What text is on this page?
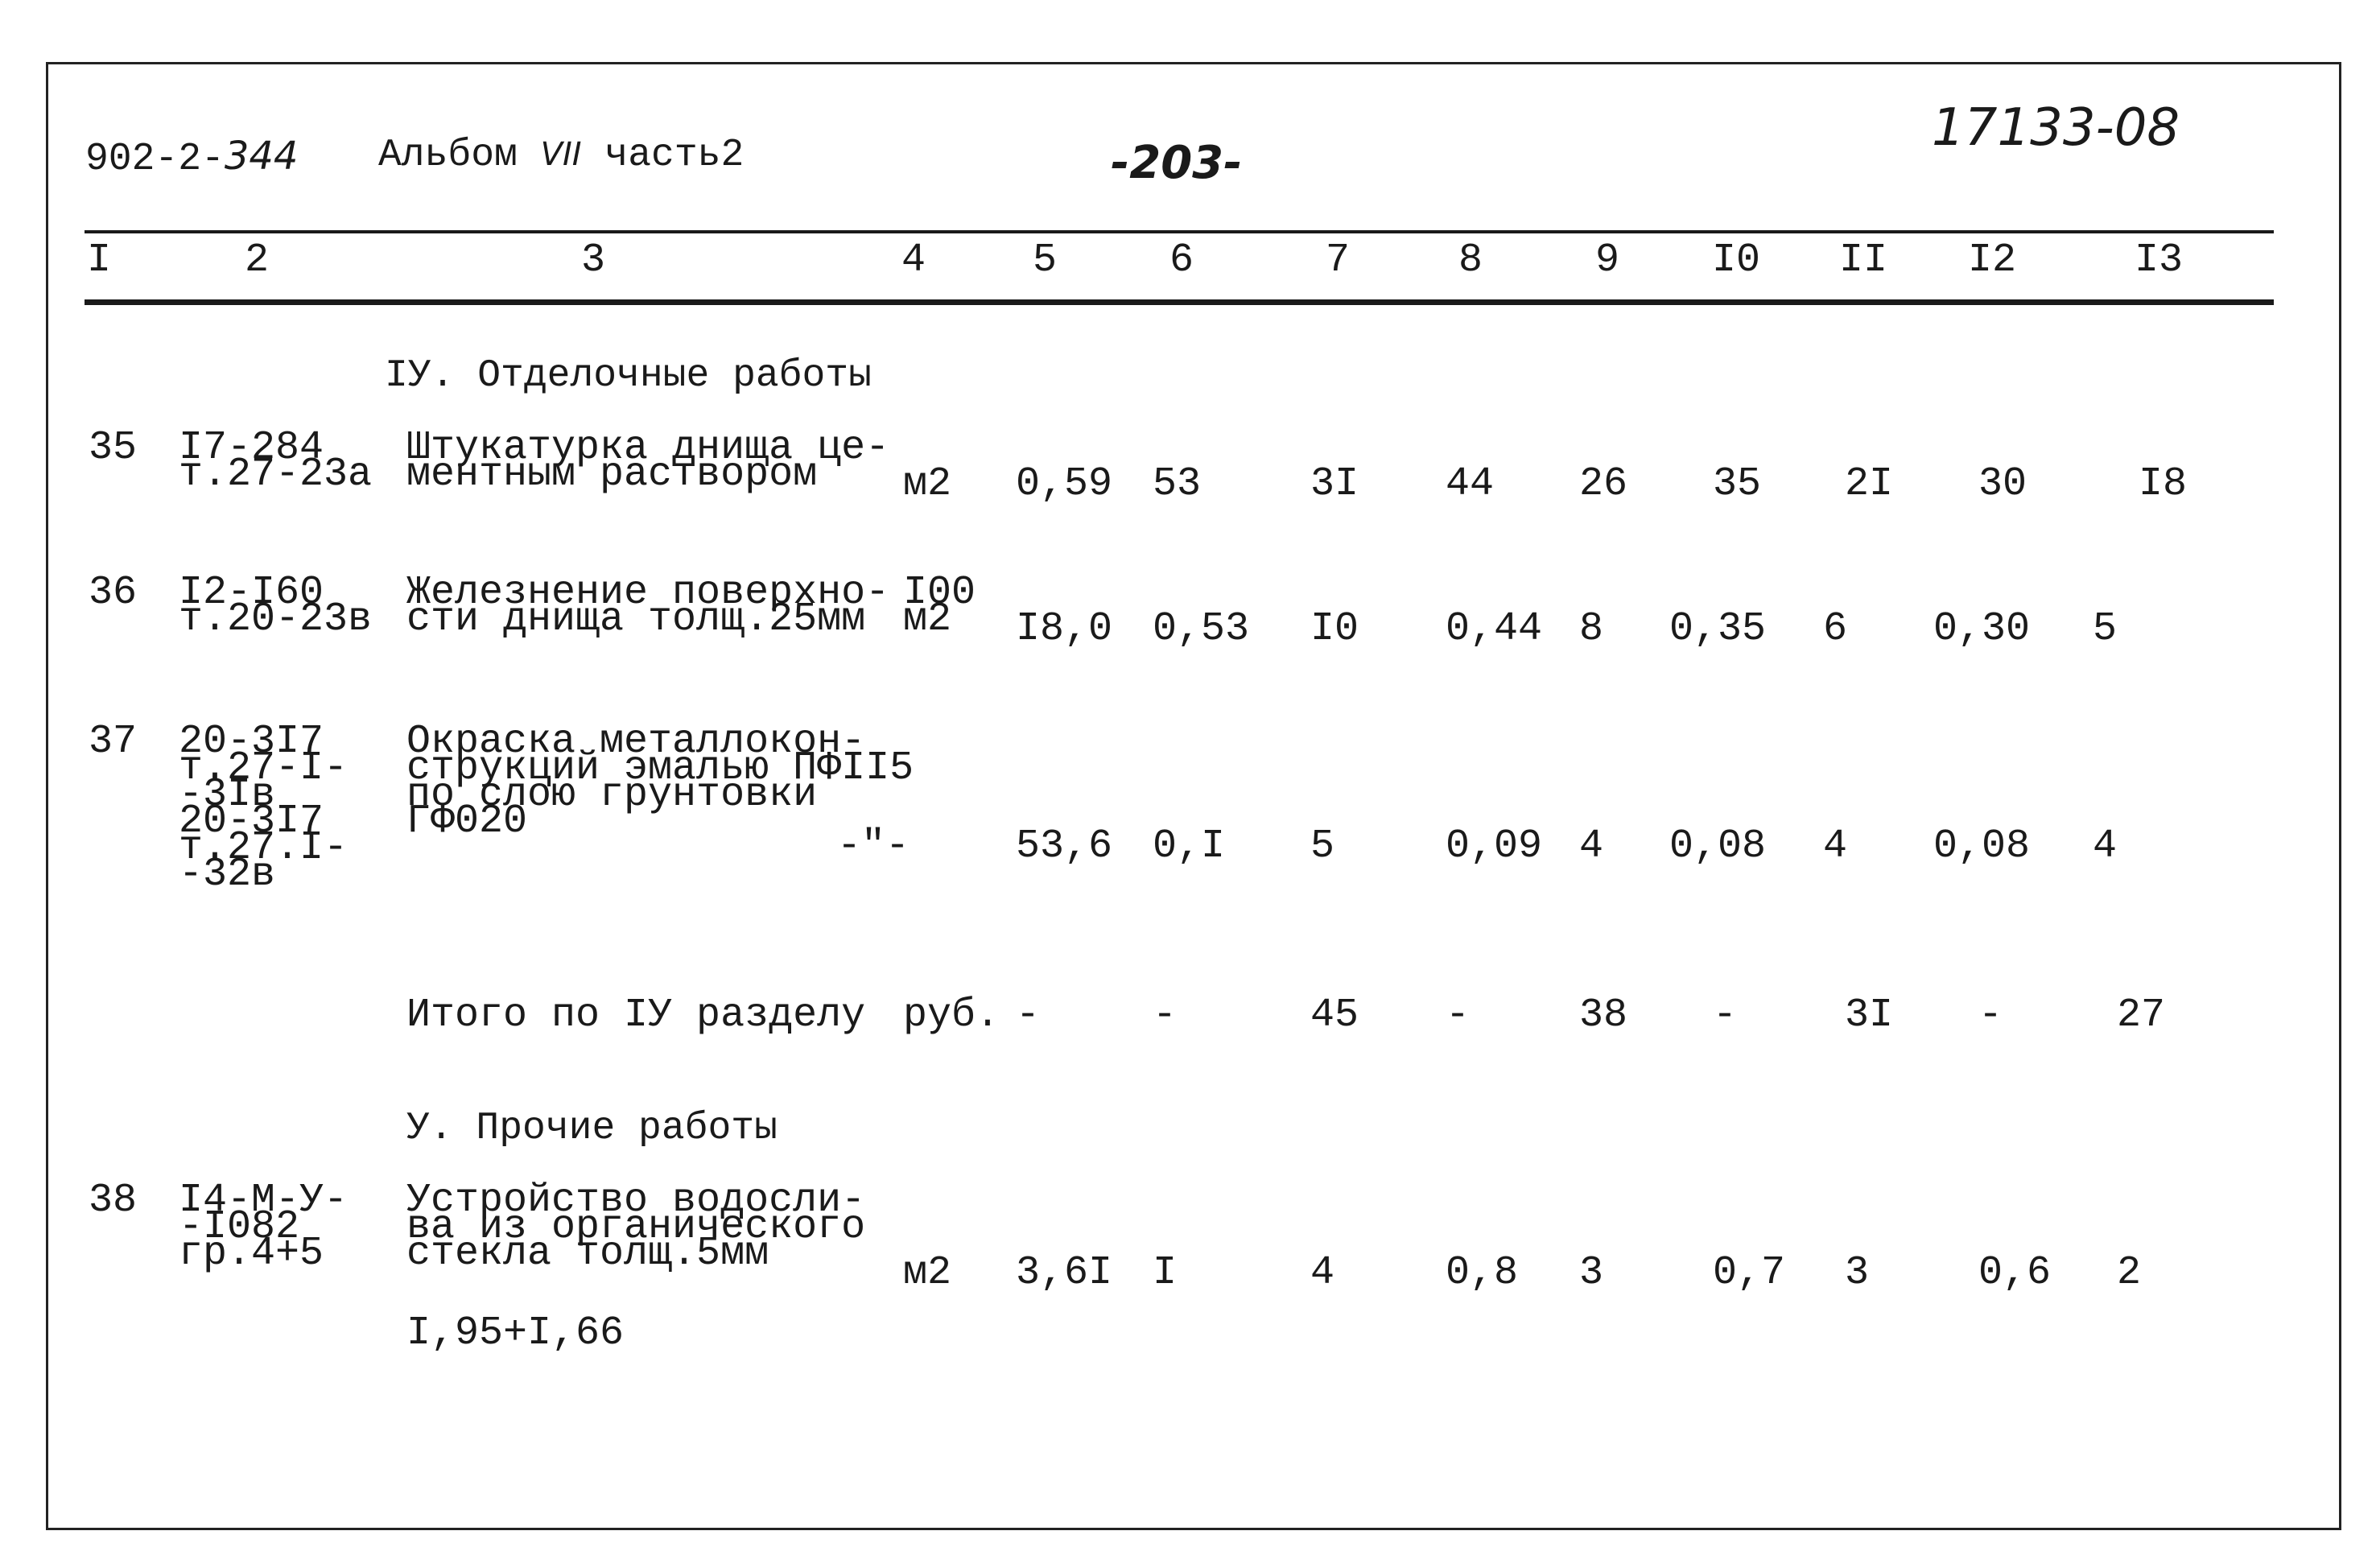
902-2-344 Альбом VII часть2	-203-
17133-08
I	2	3	4	5	6	7	8	9 I0 II I2	I3
IУ. Отделочные работы
35 I7-284
т.27-23а
Штукатурка днища це-
ментным раствором	м2 0,59 53	3I 44 26 35 2I 30	I8
36 I2-I60
т.20-23в
Железнение поверхно-
сти днища толщ.25мм
I00
м2	I8,0 0,53 I0 0,44 8 0,35 6 0,30 5
37 20-3I7
т.27-I-
-3Iв
20-3I7
т.27.I-
-32в
Окраска металлокон-
струкций эмалью ПФII5
по слою грунтовки
ГФ020
-"-	53,6 0,I 5	0,09 4 0,08 4 0,08 4
Итого по IУ разделу руб. -	-	45 -	38 -	3I -	27
У. Прочие работы
38 I4-М-У-
-I082
гр.4+5
Устройство водосли-
ва из органического
стекла толщ.5мм	м2 3,6I I	4	0,8 3	0,7 3	0,6 2
I,95+I,66
